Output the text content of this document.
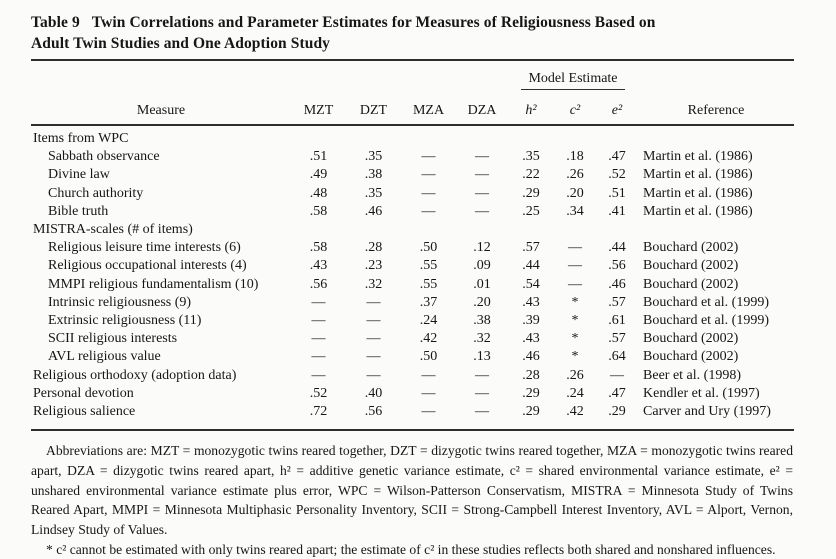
Table 9 Twin Correlations and Parameter Estimates for Measures of Religiousness Based on Adult Twin Studies and One Adoption Study
					Model Estimate			
Measure	MZT	DZT	MZA	DZA	h²	c²	e²	Reference
Items from WPC								
Sabbath observance	.51	.35	—	—	.35	.18	.47	Martin et al. (1986)
Divine law	.49	.38	—	—	.22	.26	.52	Martin et al. (1986)
Church authority	.48	.35	—	—	.29	.20	.51	Martin et al. (1986)
Bible truth	.58	.46	—	—	.25	.34	.41	Martin et al. (1986)
MISTRA-scales (# of items)								
Religious leisure time interests (6)	.58	.28	.50	.12	.57	—	.44	Bouchard (2002)
Religious occupational interests (4)	.43	.23	.55	.09	.44	—	.56	Bouchard (2002)
MMPI religious fundamentalism (10)	.56	.32	.55	.01	.54	—	.46	Bouchard (2002)
Intrinsic religiousness (9)	—	—	.37	.20	.43	*	.57	Bouchard et al. (1999)
Extrinsic religiousness (11)	—	—	.24	.38	.39	*	.61	Bouchard et al. (1999)
SCII religious interests	—	—	.42	.32	.43	*	.57	Bouchard (2002)
AVL religious value	—	—	.50	.13	.46	*	.64	Bouchard (2002)
Religious orthodoxy (adoption data)	—	—	—	—	.28	.26	—	Beer et al. (1998)
Personal devotion	.52	.40	—	—	.29	.24	.47	Kendler et al. (1997)
Religious salience	.72	.56	—	—	.29	.42	.29	Carver and Ury (1997)

Abbreviations are: MZT = monozygotic twins reared together, DZT = dizygotic twins reared together, MZA = monozygotic twins reared apart, DZA = dizygotic twins reared apart, h² = additive genetic variance estimate, c² = shared environmental variance estimate, e² = unshared environmental variance estimate plus error, WPC = Wilson-Patterson Conservatism, MISTRA = Minnesota Study of Twins Reared Apart, MMPI = Minnesota Multiphasic Personality Inventory, SCII = Strong-Campbell Interest Inventory, AVL = Alport, Vernon, Lindsey Study of Values.

* c² cannot be estimated with only twins reared apart; the estimate of c² in these studies reflects both shared and nonshared influences.
